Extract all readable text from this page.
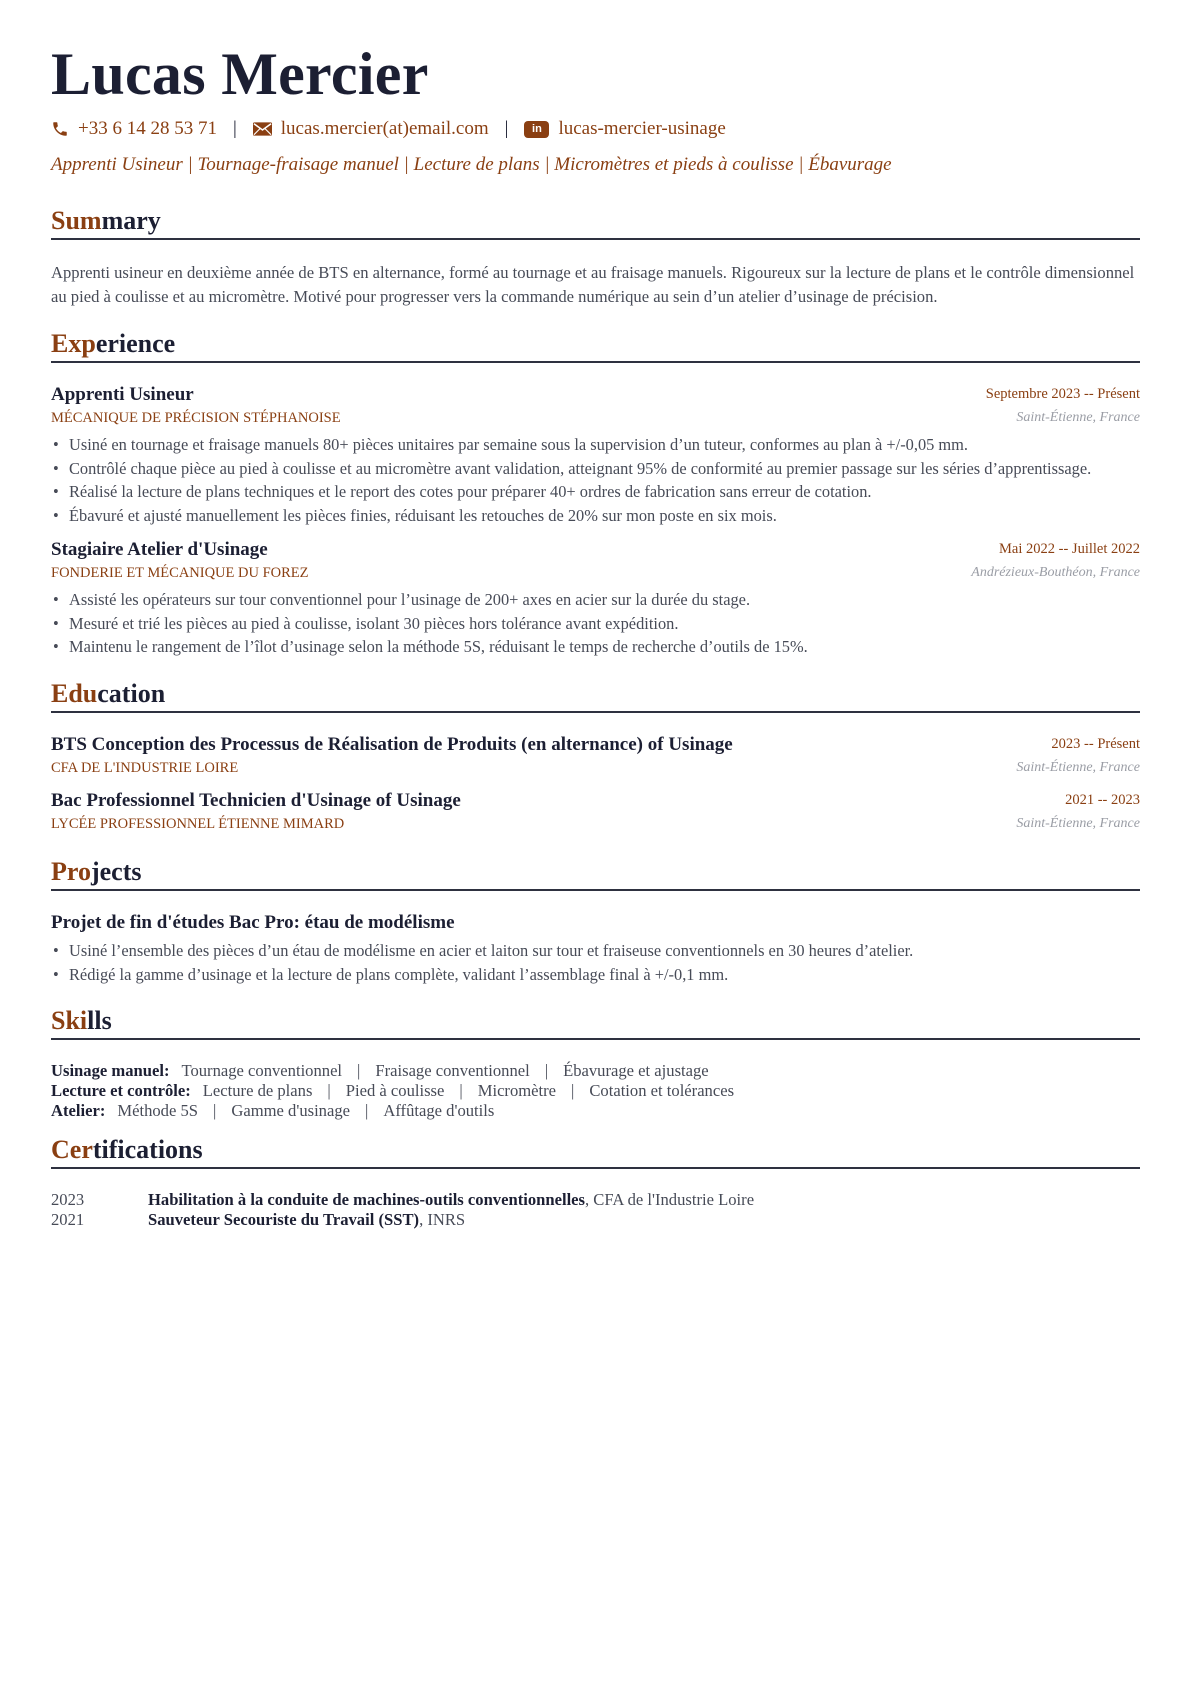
Lucas Mercier
+33 6 14 28 53 71 | lucas.mercier(at)email.com |	in lucas-mercier-usinage
Apprenti Usineur | Tournage-fraisage manuel | Lecture de plans | Micromètres et pieds à coulisse | Ébavurage
Summary
Apprenti usineur en deuxième année de BTS en alternance, formé au tournage et au fraisage manuels. Rigoureux sur la lecture de plans et le contrôle dimensionnel au pied à coulisse et au micromètre. Motivé pour progresser vers la commande numérique au sein d’un atelier d’usinage de précision.
Experience
Apprenti Usineur	Septembre 2023 -- Présent
MÉCANIQUE DE PRÉCISION STÉPHANOISE	Saint-Étienne, France
• Usiné en tournage et fraisage manuels 80+ pièces unitaires par semaine sous la supervision d’un tuteur, conformes au plan à +/-0,05 mm.
• Contrôlé chaque pièce au pied à coulisse et au micromètre avant validation, atteignant 95% de conformité au premier passage sur les séries d’apprentissage.
• Réalisé la lecture de plans techniques et le report des cotes pour préparer 40+ ordres de fabrication sans erreur de cotation.
• Ébavuré et ajusté manuellement les pièces finies, réduisant les retouches de 20% sur mon poste en six mois.
Stagiaire Atelier d'Usinage	Mai 2022 -- Juillet 2022
FONDERIE ET MÉCANIQUE DU FOREZ	Andrézieux-Bouthéon, France
• Assisté les opérateurs sur tour conventionnel pour l’usinage de 200+ axes en acier sur la durée du stage.
• Mesuré et trié les pièces au pied à coulisse, isolant 30 pièces hors tolérance avant expédition.
• Maintenu le rangement de l’îlot d’usinage selon la méthode 5S, réduisant le temps de recherche d’outils de 15%.
Education
BTS Conception des Processus de Réalisation de Produits (en alternance) of Usinage	2023 -- Présent
CFA DE L'INDUSTRIE LOIRE	Saint-Étienne, France
Bac Professionnel Technicien d'Usinage of Usinage	2021 -- 2023
LYCÉE PROFESSIONNEL ÉTIENNE MIMARD	Saint-Étienne, France
Projects
Projet de fin d'études Bac Pro: étau de modélisme
• Usiné l’ensemble des pièces d’un étau de modélisme en acier et laiton sur tour et fraiseuse conventionnels en 30 heures d’atelier.
• Rédigé la gamme d’usinage et la lecture de plans complète, validant l’assemblage final à +/-0,1 mm.
Skills
Usinage manuel: Tournage conventionnel | Fraisage conventionnel | Ébavurage et ajustage
Lecture et contrôle: Lecture de plans | Pied à coulisse | Micromètre | Cotation et tolérances
Atelier: Méthode 5S | Gamme d'usinage | Affûtage d'outils
Certifications
2023	Habilitation à la conduite de machines-outils conventionnelles, CFA de l'Industrie Loire
2021	Sauveteur Secouriste du Travail (SST), INRS
